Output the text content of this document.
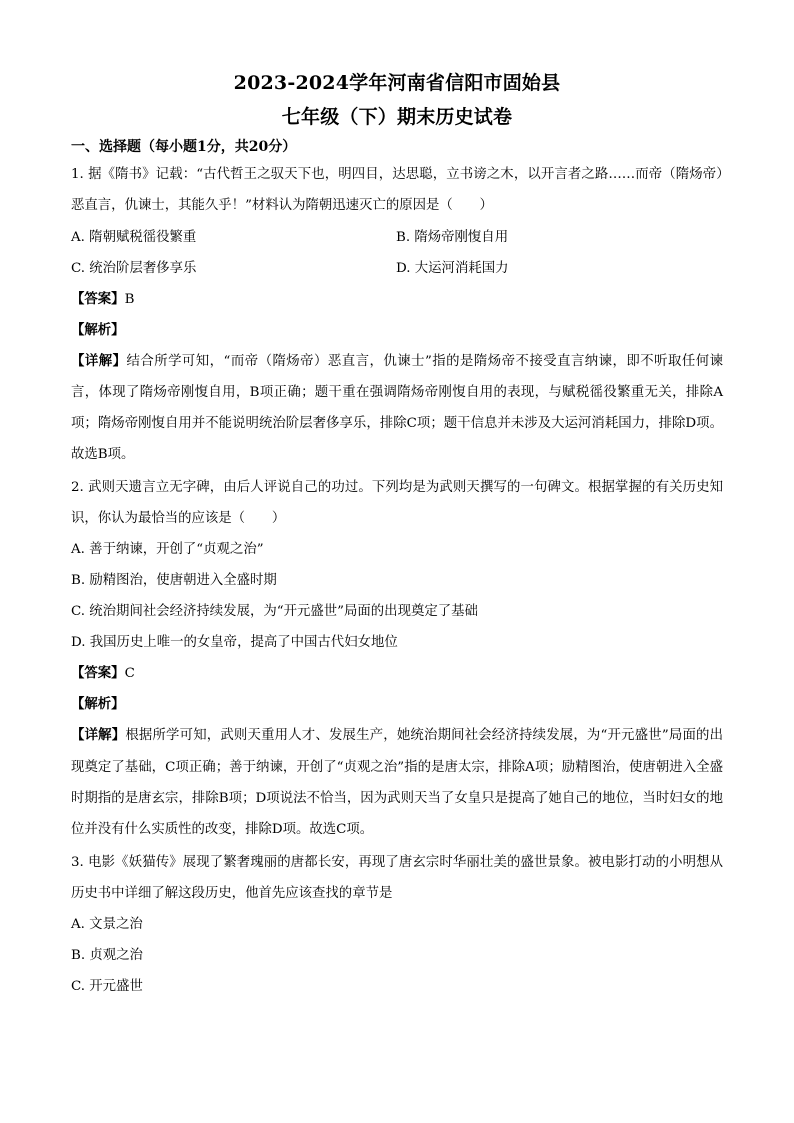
2023-2024学年河南省信阳市固始县
七年级（下）期末历史试卷
一、选择题（每小题1分，共20分）

1. 据《隋书》记载：“古代哲王之驭天下也，明四目，达思聪，立书谤之木，以开言者之路……而帝（隋炀帝）恶直言，仇谏士，其能久乎！”材料认为隋朝迅速灭亡的原因是（　　）

A. 隋朝赋税徭役繁重	B. 隋炀帝刚愎自用
C. 统治阶层奢侈享乐	D. 大运河消耗国力

【答案】B

【解析】

【详解】结合所学可知，“而帝（隋炀帝）恶直言，仇谏士”指的是隋炀帝不接受直言纳谏，即不听取任何谏言，体现了隋炀帝刚愎自用，B项正确；题干重在强调隋炀帝刚愎自用的表现，与赋税徭役繁重无关，排除A项；隋炀帝刚愎自用并不能说明统治阶层奢侈享乐，排除C项；题干信息并未涉及大运河消耗国力，排除D项。故选B项。

2. 武则天遗言立无字碑，由后人评说自己的功过。下列均是为武则天撰写的一句碑文。根据掌握的有关历史知识，你认为最恰当的应该是（　　）

A. 善于纳谏，开创了“贞观之治”

B. 励精图治，使唐朝进入全盛时期

C. 统治期间社会经济持续发展，为“开元盛世”局面的出现奠定了基础

D. 我国历史上唯一的女皇帝，提高了中国古代妇女地位

【答案】C

【解析】

【详解】根据所学可知，武则天重用人才、发展生产，她统治期间社会经济持续发展，为“开元盛世”局面的出现奠定了基础，C项正确；善于纳谏，开创了“贞观之治”指的是唐太宗，排除A项；励精图治，使唐朝进入全盛时期指的是唐玄宗，排除B项；D项说法不恰当，因为武则天当了女皇只是提高了她自己的地位，当时妇女的地位并没有什么实质性的改变，排除D项。故选C项。

3. 电影《妖猫传》展现了繁奢瑰丽的唐都长安，再现了唐玄宗时华丽壮美的盛世景象。被电影打动的小明想从历史书中详细了解这段历史，他首先应该查找的章节是

A. 文景之治

B. 贞观之治

C. 开元盛世
